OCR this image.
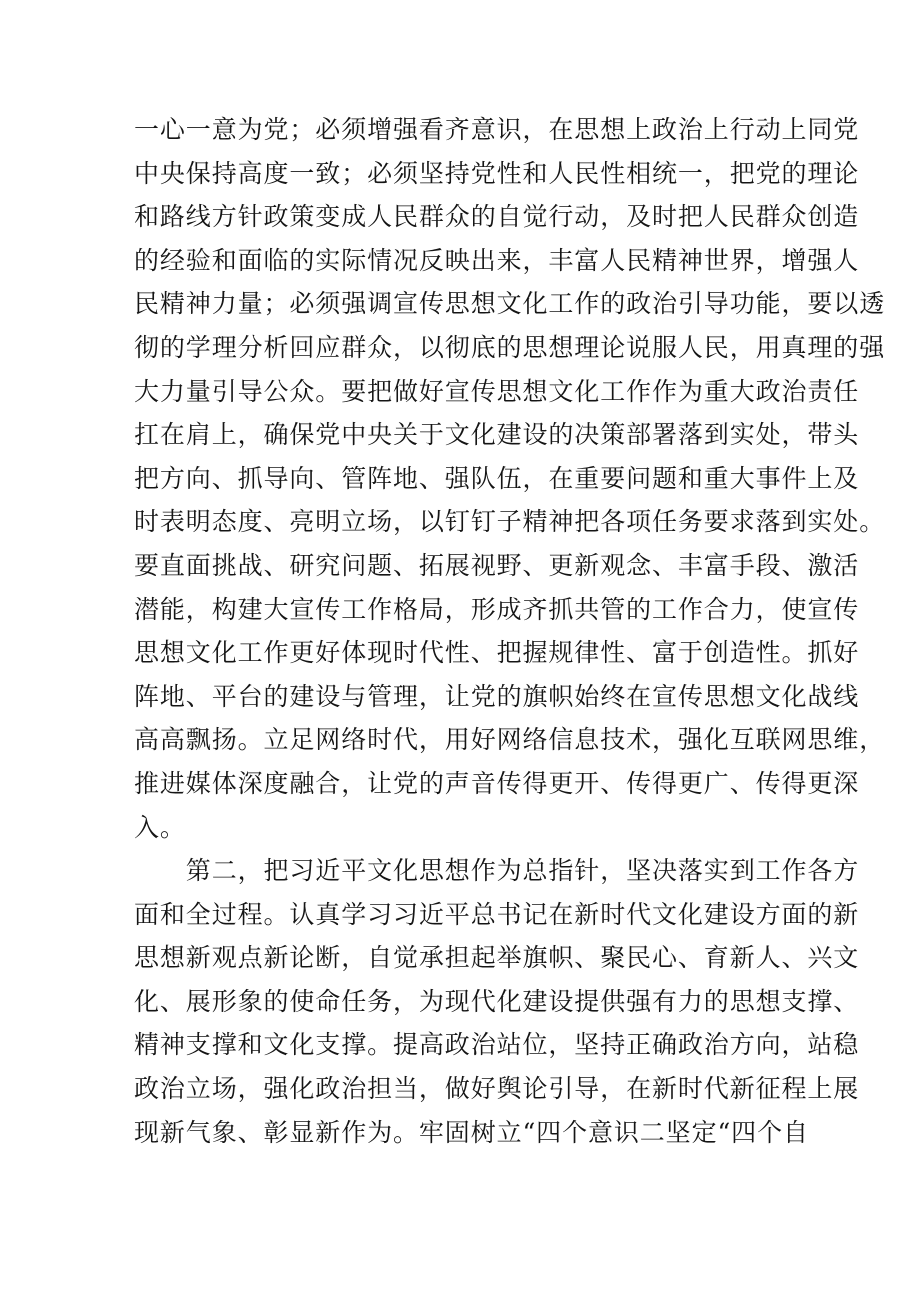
一心一意为党；必须增强看齐意识，在思想上政治上行动上同党
中央保持高度一致；必须坚持党性和人民性相统一，把党的理论
和路线方针政策变成人民群众的自觉行动，及时把人民群众创造
的经验和面临的实际情况反映出来，丰富人民精神世界，增强人
民精神力量；必须强调宣传思想文化工作的政治引导功能，要以透
彻的学理分析回应群众，以彻底的思想理论说服人民，用真理的强
大力量引导公众。要把做好宣传思想文化工作作为重大政治责任
扛在肩上，确保党中央关于文化建设的决策部署落到实处，带头
把方向、抓导向、管阵地、强队伍，在重要问题和重大事件上及
时表明态度、亮明立场，以钉钉子精神把各项任务要求落到实处。
要直面挑战、研究问题、拓展视野、更新观念、丰富手段、激活
潜能，构建大宣传工作格局，形成齐抓共管的工作合力，使宣传
思想文化工作更好体现时代性、把握规律性、富于创造性。抓好
阵地、平台的建设与管理，让党的旗帜始终在宣传思想文化战线
高高飘扬。立足网络时代，用好网络信息技术，强化互联网思维，
推进媒体深度融合，让党的声音传得更开、传得更广、传得更深
入。
　　第二，把习近平文化思想作为总指针，坚决落实到工作各方
面和全过程。认真学习习近平总书记在新时代文化建设方面的新
思想新观点新论断，自觉承担起举旗帜、聚民心、育新人、兴文
化、展形象的使命任务，为现代化建设提供强有力的思想支撑、
精神支撑和文化支撑。提高政治站位，坚持正确政治方向，站稳
政治立场，强化政治担当，做好舆论引导，在新时代新征程上展
现新气象、彰显新作为。牢固树立“四个意识二坚定“四个自
